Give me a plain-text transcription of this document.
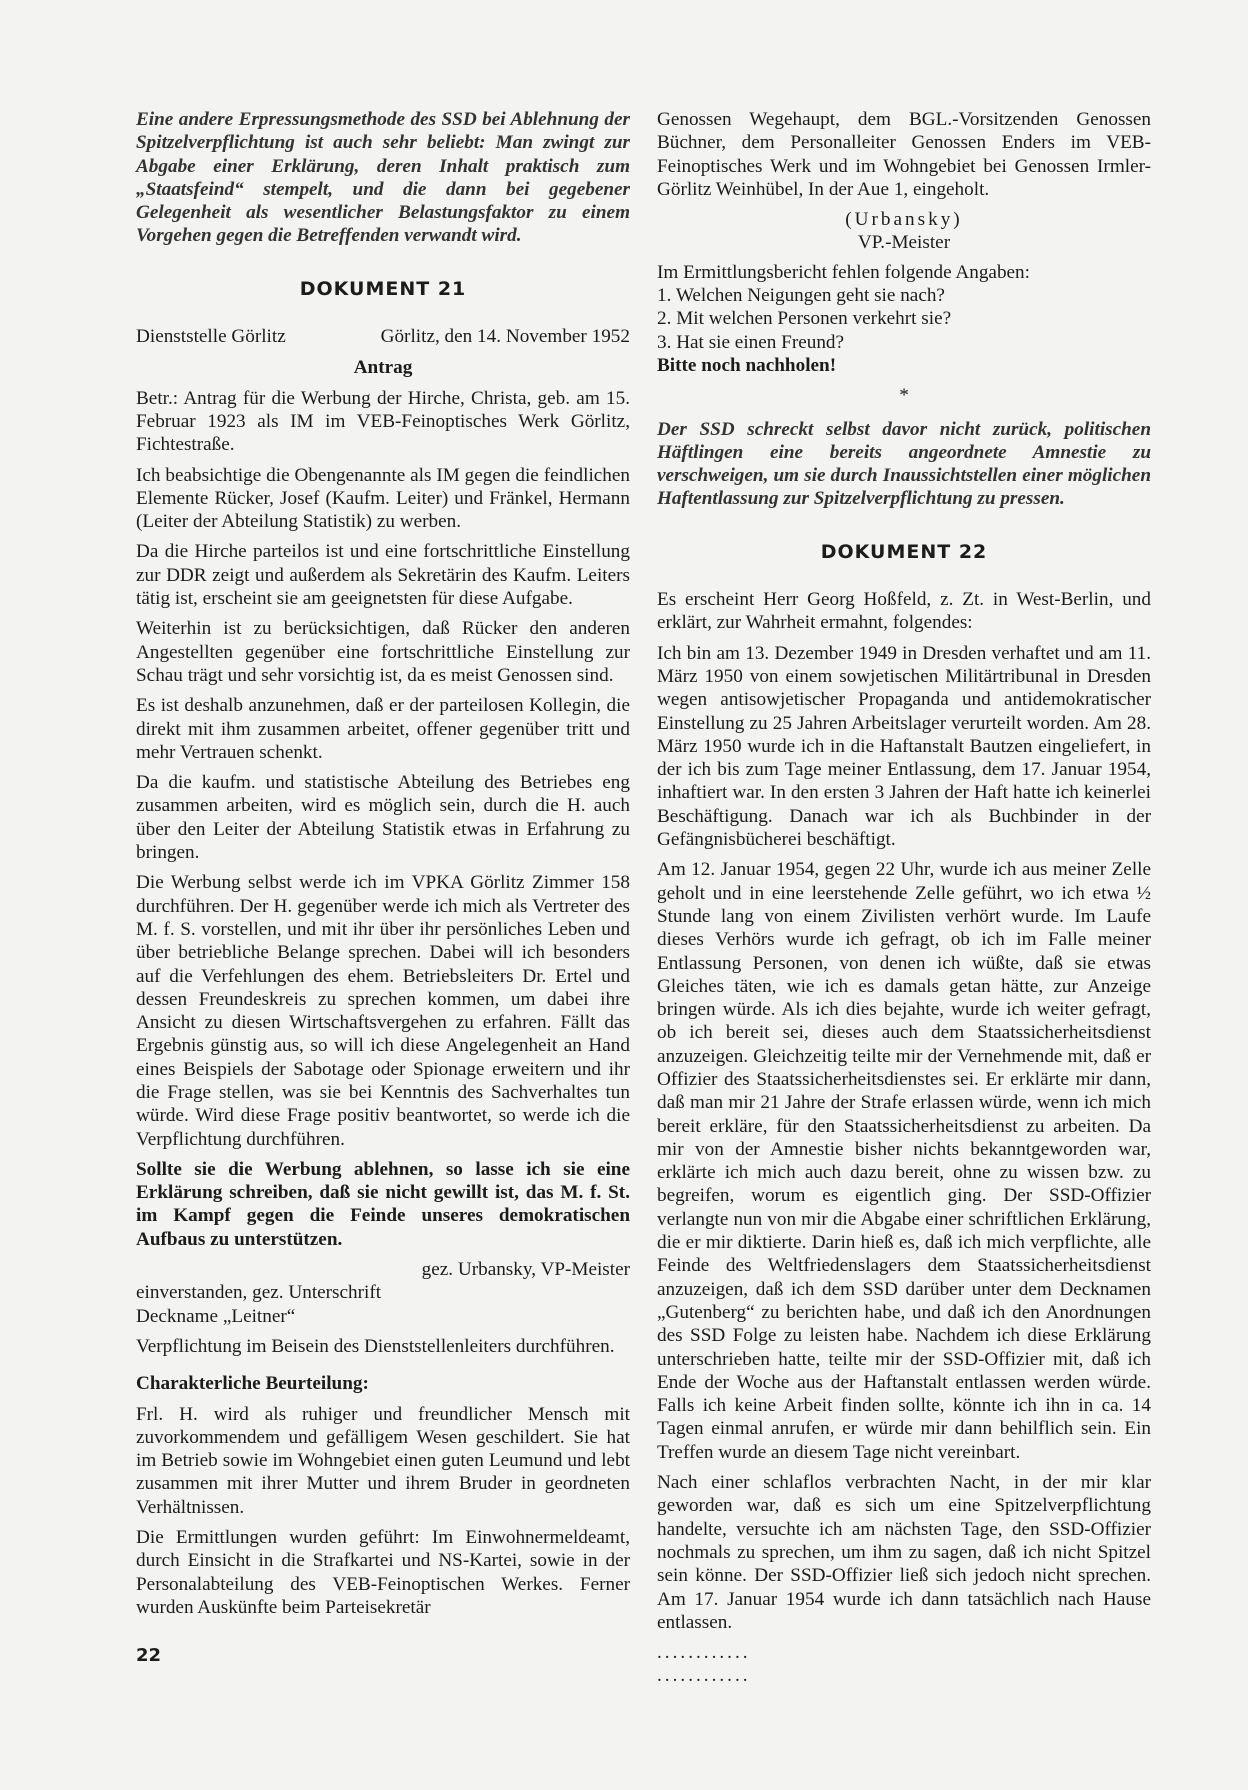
Eine andere Erpressungsmethode des SSD bei Ablehnung der Spitzelverpflichtung ist auch sehr beliebt: Man zwingt zur Abgabe einer Erklärung, deren Inhalt praktisch zum „Staatsfeind“ stempelt, und die dann bei gegebener Gelegenheit als wesentlicher Belastungsfaktor zu einem Vorgehen gegen die Betreffenden verwandt wird.

DOKUMENT 21
Dienststelle Görlitz	Görlitz, den 14. November 1952

Antrag

Betr.: Antrag für die Werbung der Hirche, Christa, geb. am 15. Februar 1923 als IM im VEB-Feinoptisches Werk Görlitz, Fichtestraße.

Ich beabsichtige die Obengenannte als IM gegen die feindlichen Elemente Rücker, Josef (Kaufm. Leiter) und Fränkel, Hermann (Leiter der Abteilung Statistik) zu werben.

Da die Hirche parteilos ist und eine fortschrittliche Einstellung zur DDR zeigt und außerdem als Sekretärin des Kaufm. Leiters tätig ist, erscheint sie am geeignetsten für diese Aufgabe.

Weiterhin ist zu berücksichtigen, daß Rücker den anderen Angestellten gegenüber eine fortschrittliche Einstellung zur Schau trägt und sehr vorsichtig ist, da es meist Genossen sind.

Es ist deshalb anzunehmen, daß er der parteilosen Kollegin, die direkt mit ihm zusammen arbeitet, offener gegenüber tritt und mehr Vertrauen schenkt.

Da die kaufm. und statistische Abteilung des Betriebes eng zusammen arbeiten, wird es möglich sein, durch die H. auch über den Leiter der Abteilung Statistik etwas in Erfahrung zu bringen.

Die Werbung selbst werde ich im VPKA Görlitz Zimmer 158 durchführen. Der H. gegenüber werde ich mich als Vertreter des M. f. S. vorstellen, und mit ihr über ihr persönliches Leben und über betriebliche Belange sprechen. Dabei will ich besonders auf die Verfehlungen des ehem. Betriebsleiters Dr. Ertel und dessen Freundeskreis zu sprechen kommen, um dabei ihre Ansicht zu diesen Wirtschaftsvergehen zu erfahren. Fällt das Ergebnis günstig aus, so will ich diese Angelegenheit an Hand eines Beispiels der Sabotage oder Spionage erweitern und ihr die Frage stellen, was sie bei Kenntnis des Sachverhaltes tun würde. Wird diese Frage positiv beantwortet, so werde ich die Verpflichtung durchführen.

Sollte sie die Werbung ablehnen, so lasse ich sie eine Erklärung schreiben, daß sie nicht gewillt ist, das M. f. St. im Kampf gegen die Feinde unseres demokratischen Aufbaus zu unterstützen.

gez. Urbansky, VP-Meister

einverstanden, gez. Unterschrift

Deckname „Leitner“

Verpflichtung im Beisein des Dienststellenleiters durchführen.

Charakterliche Beurteilung:

Frl. H. wird als ruhiger und freundlicher Mensch mit zuvorkommendem und gefälligem Wesen geschildert. Sie hat im Betrieb sowie im Wohngebiet einen guten Leumund und lebt zusammen mit ihrer Mutter und ihrem Bruder in geordneten Verhältnissen.

Die Ermittlungen wurden geführt: Im Einwohnermeldeamt, durch Einsicht in die Strafkartei und NS-Kartei, sowie in der Personalabteilung des VEB-Feinoptischen Werkes. Ferner wurden Auskünfte beim Parteisekretär

Genossen Wegehaupt, dem BGL.-Vorsitzenden Genossen Büchner, dem Personalleiter Genossen Enders im VEB-Feinoptisches Werk und im Wohngebiet bei Genossen Irmler-Görlitz Weinhübel, In der Aue 1, eingeholt.

(Urbansky)

VP.-Meister

Im Ermittlungsbericht fehlen folgende Angaben:

1. Welchen Neigungen geht sie nach?
2. Mit welchen Personen verkehrt sie?
3. Hat sie einen Freund?

Bitte noch nachholen!

*

Der SSD schreckt selbst davor nicht zurück, politischen Häftlingen eine bereits angeordnete Amnestie zu verschweigen, um sie durch Inaussichtstellen einer möglichen Haftentlassung zur Spitzelverpflichtung zu pressen.

DOKUMENT 22

Es erscheint Herr Georg Hoßfeld, z. Zt. in West-Berlin, und erklärt, zur Wahrheit ermahnt, folgendes:

Ich bin am 13. Dezember 1949 in Dresden verhaftet und am 11. März 1950 von einem sowjetischen Militärtribunal in Dresden wegen antisowjetischer Propaganda und antidemokratischer Einstellung zu 25 Jahren Arbeitslager verurteilt worden. Am 28. März 1950 wurde ich in die Haftanstalt Bautzen eingeliefert, in der ich bis zum Tage meiner Entlassung, dem 17. Januar 1954, inhaftiert war. In den ersten 3 Jahren der Haft hatte ich keinerlei Beschäftigung. Danach war ich als Buchbinder in der Gefängnisbücherei beschäftigt.

Am 12. Januar 1954, gegen 22 Uhr, wurde ich aus meiner Zelle geholt und in eine leerstehende Zelle geführt, wo ich etwa ½ Stunde lang von einem Zivilisten verhört wurde. Im Laufe dieses Verhörs wurde ich gefragt, ob ich im Falle meiner Entlassung Personen, von denen ich wüßte, daß sie etwas Gleiches täten, wie ich es damals getan hätte, zur Anzeige bringen würde. Als ich dies bejahte, wurde ich weiter gefragt, ob ich bereit sei, dieses auch dem Staatssicherheitsdienst anzuzeigen. Gleichzeitig teilte mir der Vernehmende mit, daß er Offizier des Staatssicherheitsdienstes sei. Er erklärte mir dann, daß man mir 21 Jahre der Strafe erlassen würde, wenn ich mich bereit erkläre, für den Staatssicherheitsdienst zu arbeiten. Da mir von der Amnestie bisher nichts bekanntgeworden war, erklärte ich mich auch dazu bereit, ohne zu wissen bzw. zu begreifen, worum es eigentlich ging. Der SSD-Offizier verlangte nun von mir die Abgabe einer schriftlichen Erklärung, die er mir diktierte. Darin hieß es, daß ich mich verpflichte, alle Feinde des Weltfriedenslagers dem Staatssicherheitsdienst anzuzeigen, daß ich dem SSD darüber unter dem Decknamen „Gutenberg“ zu berichten habe, und daß ich den Anordnungen des SSD Folge zu leisten habe. Nachdem ich diese Erklärung unterschrieben hatte, teilte mir der SSD-Offizier mit, daß ich Ende der Woche aus der Haftanstalt entlassen werden würde. Falls ich keine Arbeit finden sollte, könnte ich ihn in ca. 14 Tagen einmal anrufen, er würde mir dann behilflich sein. Ein Treffen wurde an diesem Tage nicht vereinbart.

Nach einer schlaflos verbrachten Nacht, in der mir klar geworden war, daß es sich um eine Spitzelverpflichtung handelte, versuchte ich am nächsten Tage, den SSD-Offizier nochmals zu sprechen, um ihm zu sagen, daß ich nicht Spitzel sein könne. Der SSD-Offizier ließ sich jedoch nicht sprechen. Am 17. Januar 1954 wurde ich dann tatsächlich nach Hause entlassen.

............

............

22
